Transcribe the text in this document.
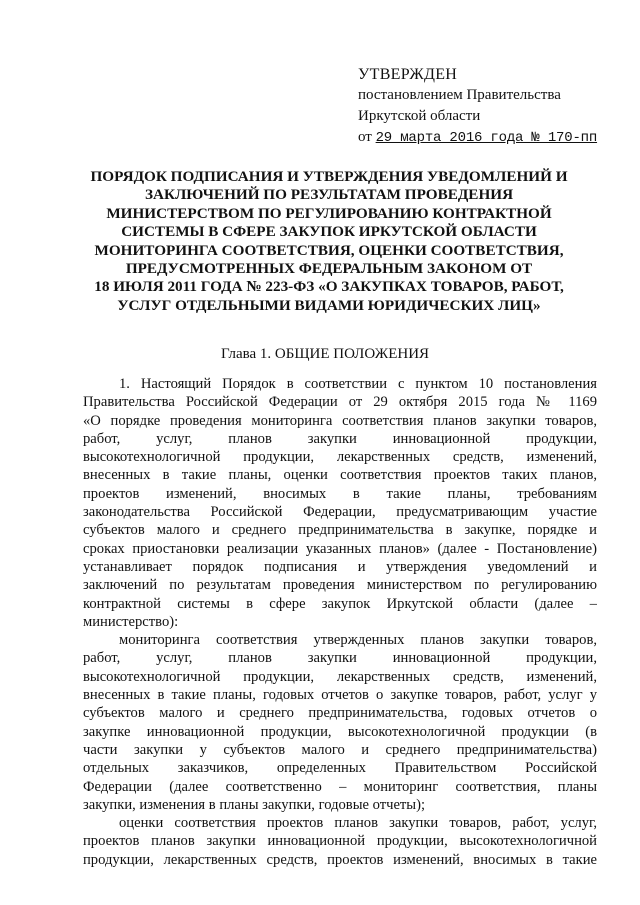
УТВЕРЖДЕН
постановлением Правительства
Иркутской области
от 29 марта 2016 года № 170-пп
ПОРЯДОК ПОДПИСАНИЯ И УТВЕРЖДЕНИЯ УВЕДОМЛЕНИЙ И
ЗАКЛЮЧЕНИЙ ПО РЕЗУЛЬТАТАМ ПРОВЕДЕНИЯ
МИНИСТЕРСТВОМ ПО РЕГУЛИРОВАНИЮ КОНТРАКТНОЙ
СИСТЕМЫ В СФЕРЕ ЗАКУПОК ИРКУТСКОЙ ОБЛАСТИ
МОНИТОРИНГА СООТВЕТСТВИЯ, ОЦЕНКИ СООТВЕТСТВИЯ,
ПРЕДУСМОТРЕННЫХ ФЕДЕРАЛЬНЫМ ЗАКОНОМ ОТ
18 ИЮЛЯ 2011 ГОДА № 223-ФЗ «О ЗАКУПКАХ ТОВАРОВ, РАБОТ,
УСЛУГ ОТДЕЛЬНЫМИ ВИДАМИ ЮРИДИЧЕСКИХ ЛИЦ»
Глава 1. ОБЩИЕ ПОЛОЖЕНИЯ
1. Настоящий Порядок в соответствии с пунктом 10 постановления
Правительства Российской Федерации от 29 октября 2015 года № 1169
«О порядке проведения мониторинга соответствия планов закупки товаров,
работ, услуг, планов закупки инновационной продукции,
высокотехнологичной продукции, лекарственных средств, изменений,
внесенных в такие планы, оценки соответствия проектов таких планов,
проектов изменений, вносимых в такие планы, требованиям
законодательства Российской Федерации, предусматривающим участие
субъектов малого и среднего предпринимательства в закупке, порядке и
сроках приостановки реализации указанных планов» (далее - Постановление)
устанавливает порядок подписания и утверждения уведомлений и
заключений по результатам проведения министерством по регулированию
контрактной системы в сфере закупок Иркутской области (далее –
министерство):
мониторинга соответствия утвержденных планов закупки товаров,
работ, услуг, планов закупки инновационной продукции,
высокотехнологичной продукции, лекарственных средств, изменений,
внесенных в такие планы, годовых отчетов о закупке товаров, работ, услуг у
субъектов малого и среднего предпринимательства, годовых отчетов о
закупке инновационной продукции, высокотехнологичной продукции (в
части закупки у субъектов малого и среднего предпринимательства)
отдельных заказчиков, определенных Правительством Российской
Федерации (далее соответственно – мониторинг соответствия, планы
закупки, изменения в планы закупки, годовые отчеты);
оценки соответствия проектов планов закупки товаров, работ, услуг,
проектов планов закупки инновационной продукции, высокотехнологичной
продукции, лекарственных средств, проектов изменений, вносимых в такие
